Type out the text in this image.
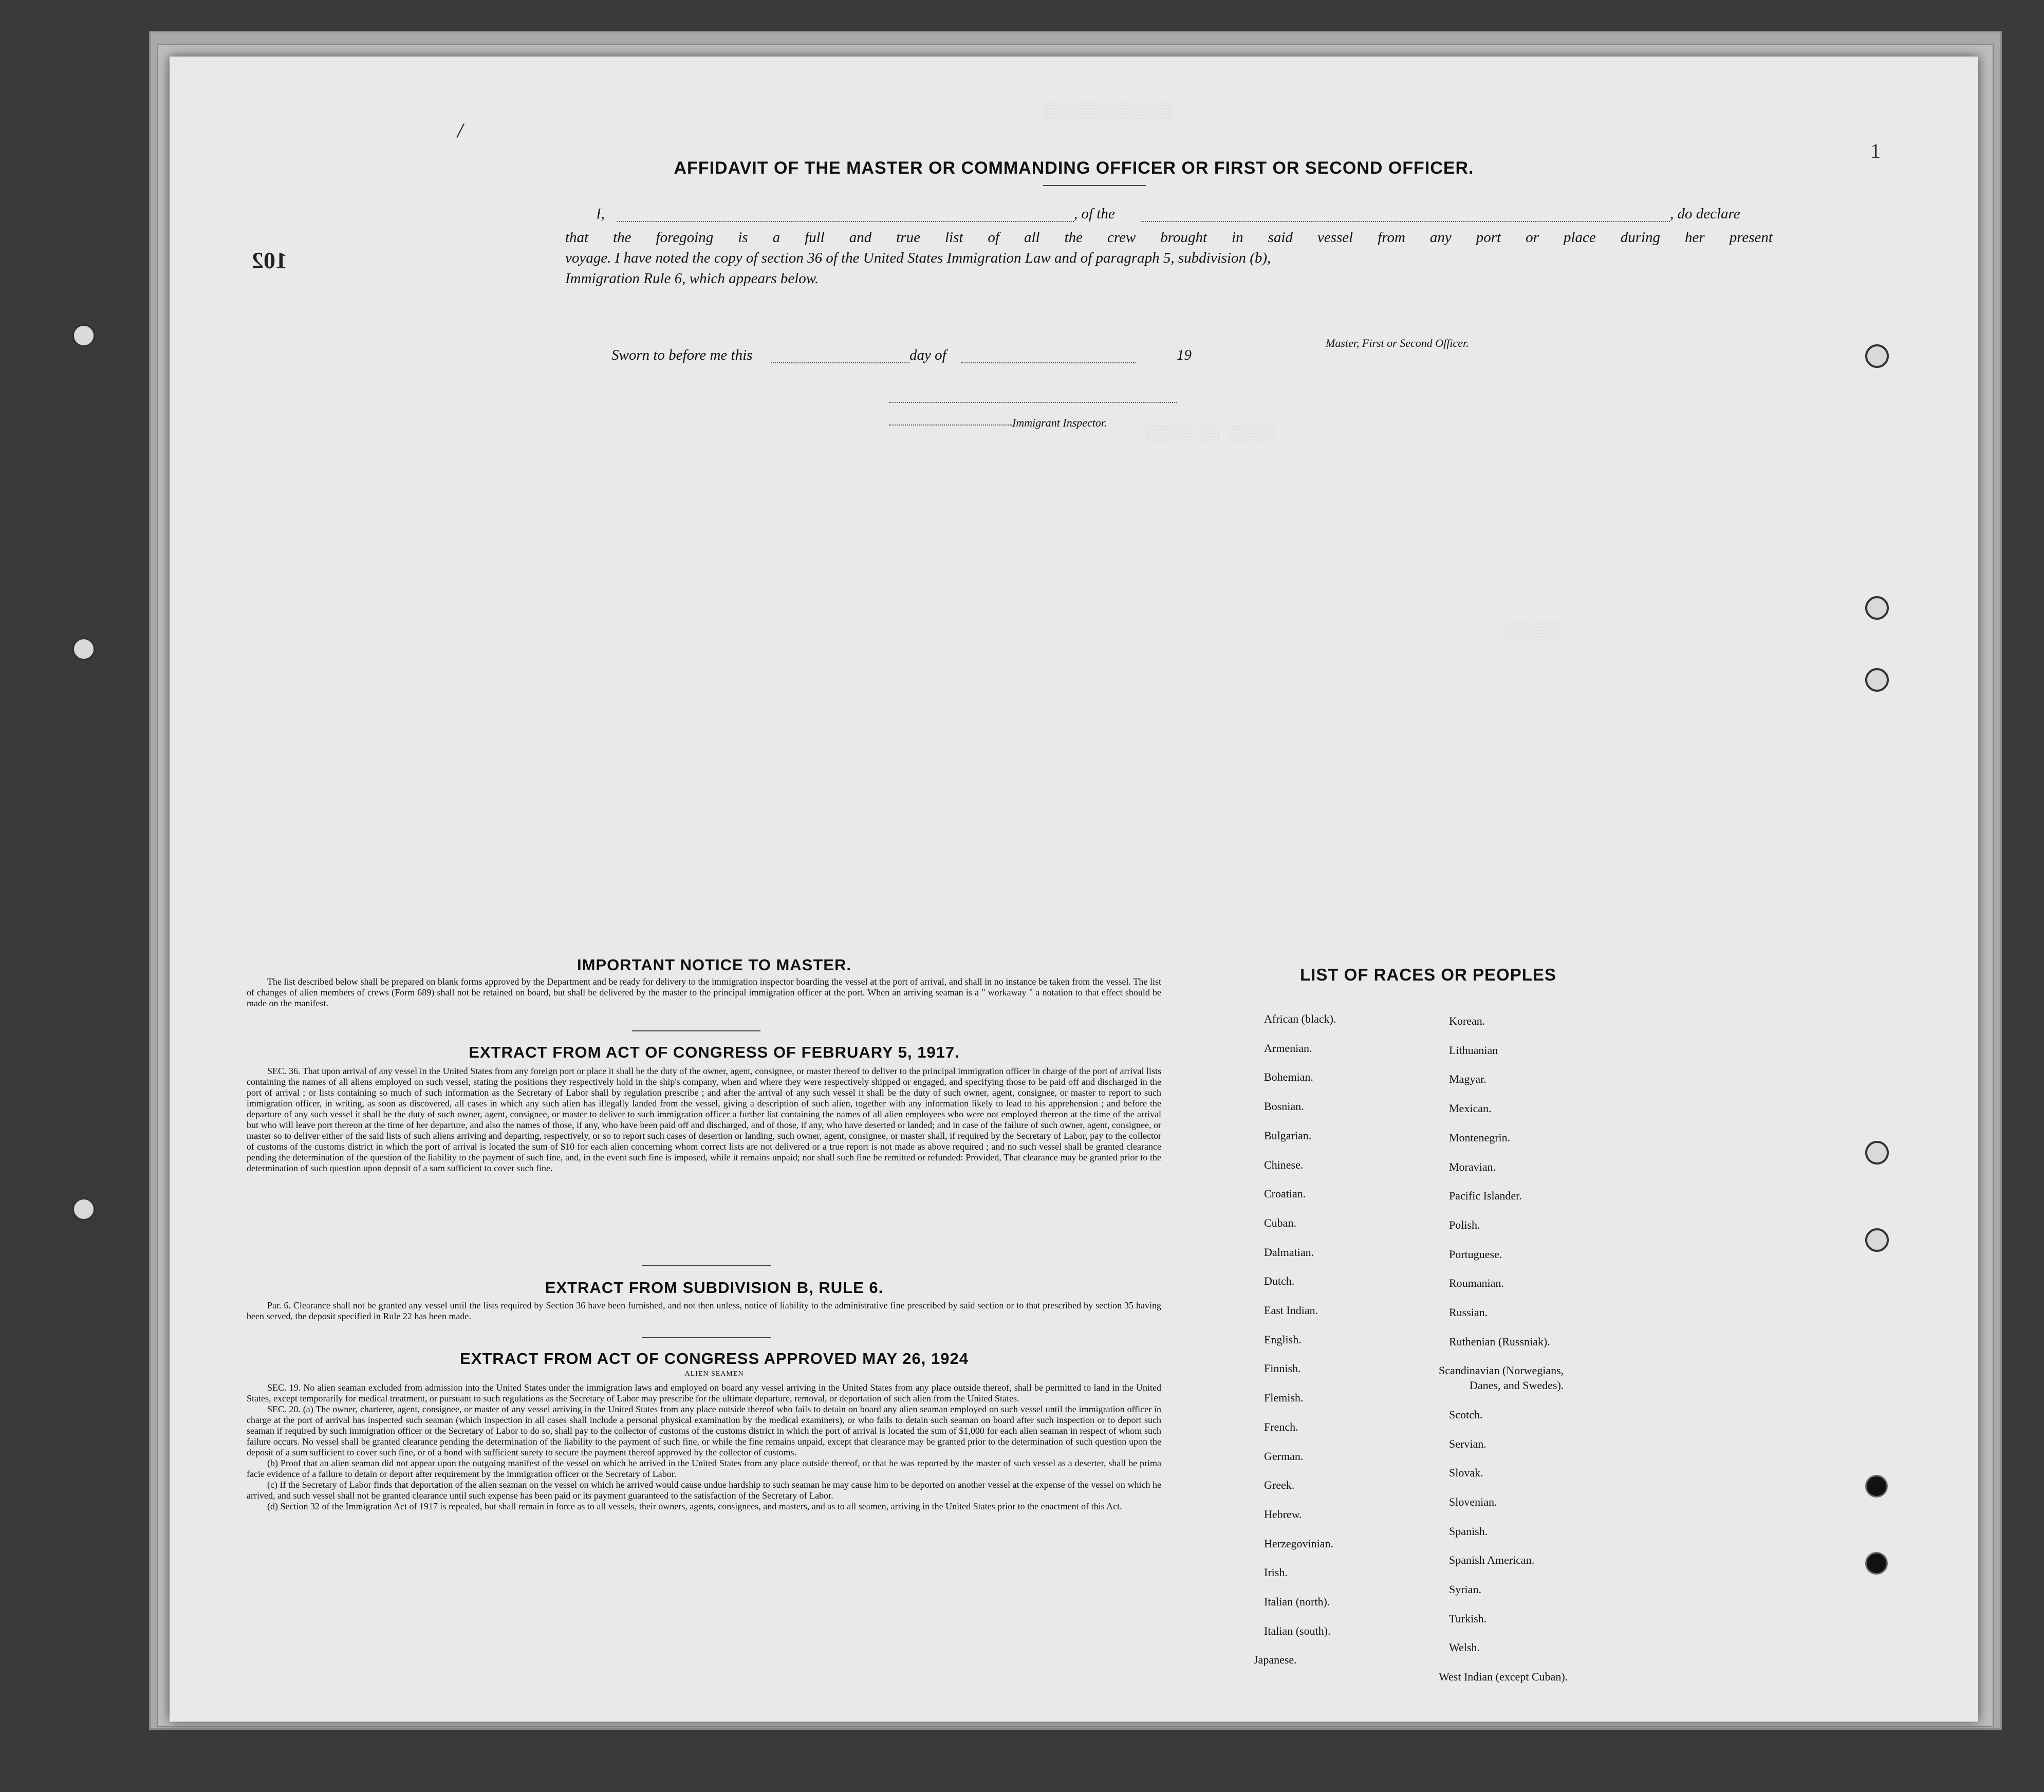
░░░░░░░░░░░░░░
░░░░░ ░░ ░░░░░
░░░░░░
/
102
1
AFFIDAVIT OF THE MASTER OR COMMANDING OFFICER OR FIRST OR SECOND OFFICER.
I,	, of the	, do declare
that the foregoing is a full and true list of all the crew brought in said vessel from any port or place during her present
voyage. I have noted the copy of section 36 of the United States Immigration Law and of paragraph 5, subdivision (b),
Immigration Rule 6, which appears below.
Master, First or Second Officer.
Sworn to before me this	day of	19
Immigrant Inspector.
IMPORTANT NOTICE TO MASTER.
The list described below shall be prepared on blank forms approved by the Department and be ready for delivery to the immigration inspector boarding the vessel at the port of arrival, and shall in no instance be taken from the vessel. The list of changes of alien members of crews (Form 689) shall not be retained on board, but shall be delivered by the master to the principal immigration officer at the port. When an arriving seaman is a " workaway " a notation to that effect should be made on the manifest.
EXTRACT FROM ACT OF CONGRESS OF FEBRUARY 5, 1917.
SEC. 36. That upon arrival of any vessel in the United States from any foreign port or place it shall be the duty of the owner, agent, consignee, or master thereof to deliver to the principal immigration officer in charge of the port of arrival lists containing the names of all aliens employed on such vessel, stating the positions they respectively hold in the ship's company, when and where they were respectively shipped or engaged, and specifying those to be paid off and discharged in the port of arrival ; or lists containing so much of such information as the Secretary of Labor shall by regulation prescribe ; and after the arrival of any such vessel it shall be the duty of such owner, agent, consignee, or master to report to such immigration officer, in writing, as soon as discovered, all cases in which any such alien has illegally landed from the vessel, giving a description of such alien, together with any information likely to lead to his apprehension ; and before the departure of any such vessel it shall be the duty of such owner, agent, consignee, or master to deliver to such immigration officer a further list containing the names of all alien employees who were not employed thereon at the time of the arrival but who will leave port thereon at the time of her departure, and also the names of those, if any, who have been paid off and discharged, and of those, if any, who have deserted or landed; and in case of the failure of such owner, agent, consignee, or master so to deliver either of the said lists of such aliens arriving and departing, respectively, or so to report such cases of desertion or landing, such owner, agent, consignee, or master shall, if required by the Secretary of Labor, pay to the collector of customs of the customs district in which the port of arrival is located the sum of $10 for each alien concerning whom correct lists are not delivered or a true report is not made as above required ; and no such vessel shall be granted clearance pending the determination of the question of the liability to the payment of such fine, and, in the event such fine is imposed, while it remains unpaid; nor shall such fine be remitted or refunded: Provided, That clearance may be granted prior to the determination of such question upon deposit of a sum sufficient to cover such fine.
EXTRACT FROM SUBDIVISION B, RULE 6.
Par. 6. Clearance shall not be granted any vessel until the lists required by Section 36 have been furnished, and not then unless, notice of liability to the administrative fine prescribed by said section or to that prescribed by section 35 having been served, the deposit specified in Rule 22 has been made.
EXTRACT FROM ACT OF CONGRESS APPROVED MAY 26, 1924
ALIEN SEAMEN
SEC. 19. No alien seaman excluded from admission into the United States under the immigration laws and employed on board any vessel arriving in the United States from any place outside thereof, shall be permitted to land in the United States, except temporarily for medical treatment, or pursuant to such regulations as the Secretary of Labor may prescribe for the ultimate departure, removal, or deportation of such alien from the United States.
SEC. 20. (a) The owner, charterer, agent, consignee, or master of any vessel arriving in the United States from any place outside thereof who fails to detain on board any alien seaman employed on such vessel until the immigration officer in charge at the port of arrival has inspected such seaman (which inspection in all cases shall include a personal physical examination by the medical examiners), or who fails to detain such seaman on board after such inspection or to deport such seaman if required by such immigration officer or the Secretary of Labor to do so, shall pay to the collector of customs of the customs district in which the port of arrival is located the sum of $1,000 for each alien seaman in respect of whom such failure occurs. No vessel shall be granted clearance pending the determination of the liability to the payment of such fine, or while the fine remains unpaid, except that clearance may be granted prior to the determination of such question upon the deposit of a sum sufficient to cover such fine, or of a bond with sufficient surety to secure the payment thereof approved by the collector of customs.
(b) Proof that an alien seaman did not appear upon the outgoing manifest of the vessel on which he arrived in the United States from any place outside thereof, or that he was reported by the master of such vessel as a deserter, shall be prima facie evidence of a failure to detain or deport after requirement by the immigration officer or the Secretary of Labor.
(c) If the Secretary of Labor finds that deportation of the alien seaman on the vessel on which he arrived would cause undue hardship to such seaman he may cause him to be deported on another vessel at the expense of the vessel on which he arrived, and such vessel shall not be granted clearance until such expense has been paid or its payment guaranteed to the satisfaction of the Secretary of Labor.
(d) Section 32 of the Immigration Act of 1917 is repealed, but shall remain in force as to all vessels, their owners, agents, consignees, and masters, and as to all seamen, arriving in the United States prior to the enactment of this Act.
LIST OF RACES OR PEOPLES
African (black).
Armenian.
Bohemian.
Bosnian.
Bulgarian.
Chinese.
Croatian.
Cuban.
Dalmatian.
Dutch.
East Indian.
English.
Finnish.
Flemish.
French.
German.
Greek.
Hebrew.
Herzegovinian.
Irish.
Italian (north).
Italian (south).
Japanese.
Korean.
Lithuanian
Magyar.
Mexican.
Montenegrin.
Moravian.
Pacific Islander.
Polish.
Portuguese.
Roumanian.
Russian.
Ruthenian (Russniak).
Scandinavian (Norwegians,
Danes, and Swedes).
Scotch.
Servian.
Slovak.
Slovenian.
Spanish.
Spanish American.
Syrian.
Turkish.
Welsh.
West Indian (except Cuban).
